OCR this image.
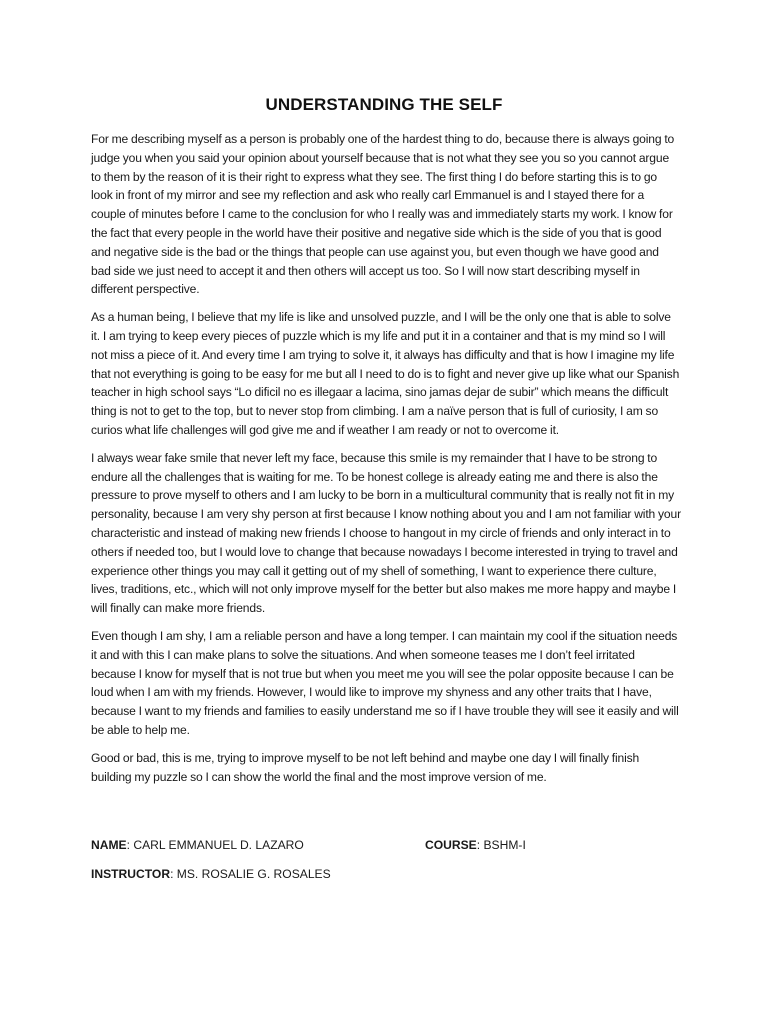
UNDERSTANDING THE SELF

For me describing myself as a person is probably one of the hardest thing to do, because there is always going to judge you when you said your opinion about yourself because that is not what they see you so you cannot argue to them by the reason of it is their right to express what they see. The first thing I do before starting this is to go look in front of my mirror and see my reflection and ask who really carl Emmanuel is and I stayed there for a couple of minutes before I came to the conclusion for who I really was and immediately starts my work. I know for the fact that every people in the world have their positive and negative side which is the side of you that is good and negative side is the bad or the things that people can use against you, but even though we have good and bad side we just need to accept it and then others will accept us too. So I will now start describing myself in different perspective.

As a human being, I believe that my life is like and unsolved puzzle, and I will be the only one that is able to solve it. I am trying to keep every pieces of puzzle which is my life and put it in a container and that is my mind so I will not miss a piece of it. And every time I am trying to solve it, it always has difficulty and that is how I imagine my life that not everything is going to be easy for me but all I need to do is to fight and never give up like what our Spanish teacher in high school says “Lo dificil no es illegaar a lacima, sino jamas dejar de subir” which means the difficult thing is not to get to the top, but to never stop from climbing. I am a naïve person that is full of curiosity, I am so curios what life challenges will god give me and if weather I am ready or not to overcome it.

I always wear fake smile that never left my face, because this smile is my remainder that I have to be strong to endure all the challenges that is waiting for me. To be honest college is already eating me and there is also the pressure to prove myself to others and I am lucky to be born in a multicultural community that is really not fit in my personality, because I am very shy person at first because I know nothing about you and I am not familiar with your characteristic and instead of making new friends I choose to hangout in my circle of friends and only interact in to others if needed too, but I would love to change that because nowadays I become interested in trying to travel and experience other things you may call it getting out of my shell of something, I want to experience there culture, lives, traditions, etc., which will not only improve myself for the better but also makes me more happy and maybe I will finally can make more friends.

Even though I am shy, I am a reliable person and have a long temper. I can maintain my cool if the situation needs it and with this I can make plans to solve the situations. And when someone teases me I don’t feel irritated because I know for myself that is not true but when you meet me you will see the polar opposite because I can be loud when I am with my friends. However, I would like to improve my shyness and any other traits that I have, because I want to my friends and families to easily understand me so if I have trouble they will see it easily and will be able to help me.

Good or bad, this is me, trying to improve myself to be not left behind and maybe one day I will finally finish building my puzzle so I can show the world the final and the most improve version of me.

NAME: CARL EMMANUEL D. LAZARO	COURSE: BSHM-I
INSTRUCTOR: MS. ROSALIE G. ROSALES
